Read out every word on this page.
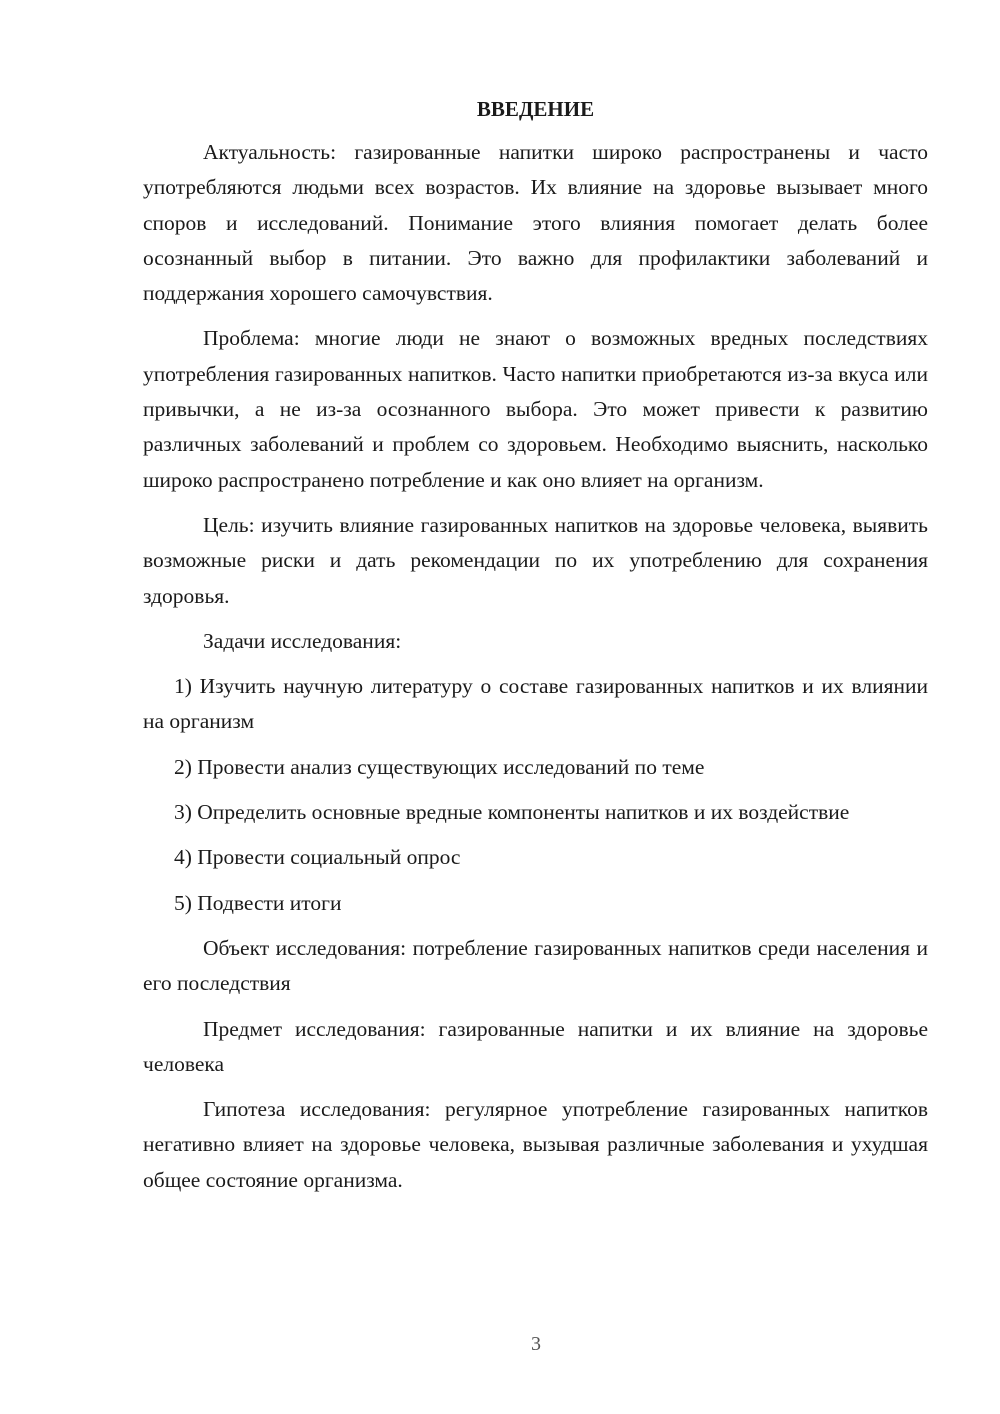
ВВЕДЕНИЕ

Актуальность: газированные напитки широко распространены и часто употребляются людьми всех возрастов. Их влияние на здоровье вызывает много споров и исследований. Понимание этого влияния помогает делать более осознанный выбор в питании. Это важно для профилактики заболеваний и поддержания хорошего самочувствия.

Проблема: многие люди не знают о возможных вредных последствиях употребления газированных напитков. Часто напитки приобретаются из-за вкуса или привычки, а не из-за осознанного выбора. Это может привести к развитию различных заболеваний и проблем со здоровьем. Необходимо выяснить, насколько широко распространено потребление и как оно влияет на организм.

Цель: изучить влияние газированных напитков на здоровье человека, выявить возможные риски и дать рекомендации по их употреблению для сохранения здоровья.

Задачи исследования:

1) Изучить научную литературу о составе газированных напитков и их влиянии на организм

2) Провести анализ существующих исследований по теме

3) Определить основные вредные компоненты напитков и их воздействие

4) Провести социальный опрос

5) Подвести итоги

Объект исследования: потребление газированных напитков среди населения и его последствия

Предмет исследования: газированные напитки и их влияние на здоровье человека

Гипотеза исследования: регулярное употребление газированных напитков негативно влияет на здоровье человека, вызывая различные заболевания и ухудшая общее состояние организма.

3
